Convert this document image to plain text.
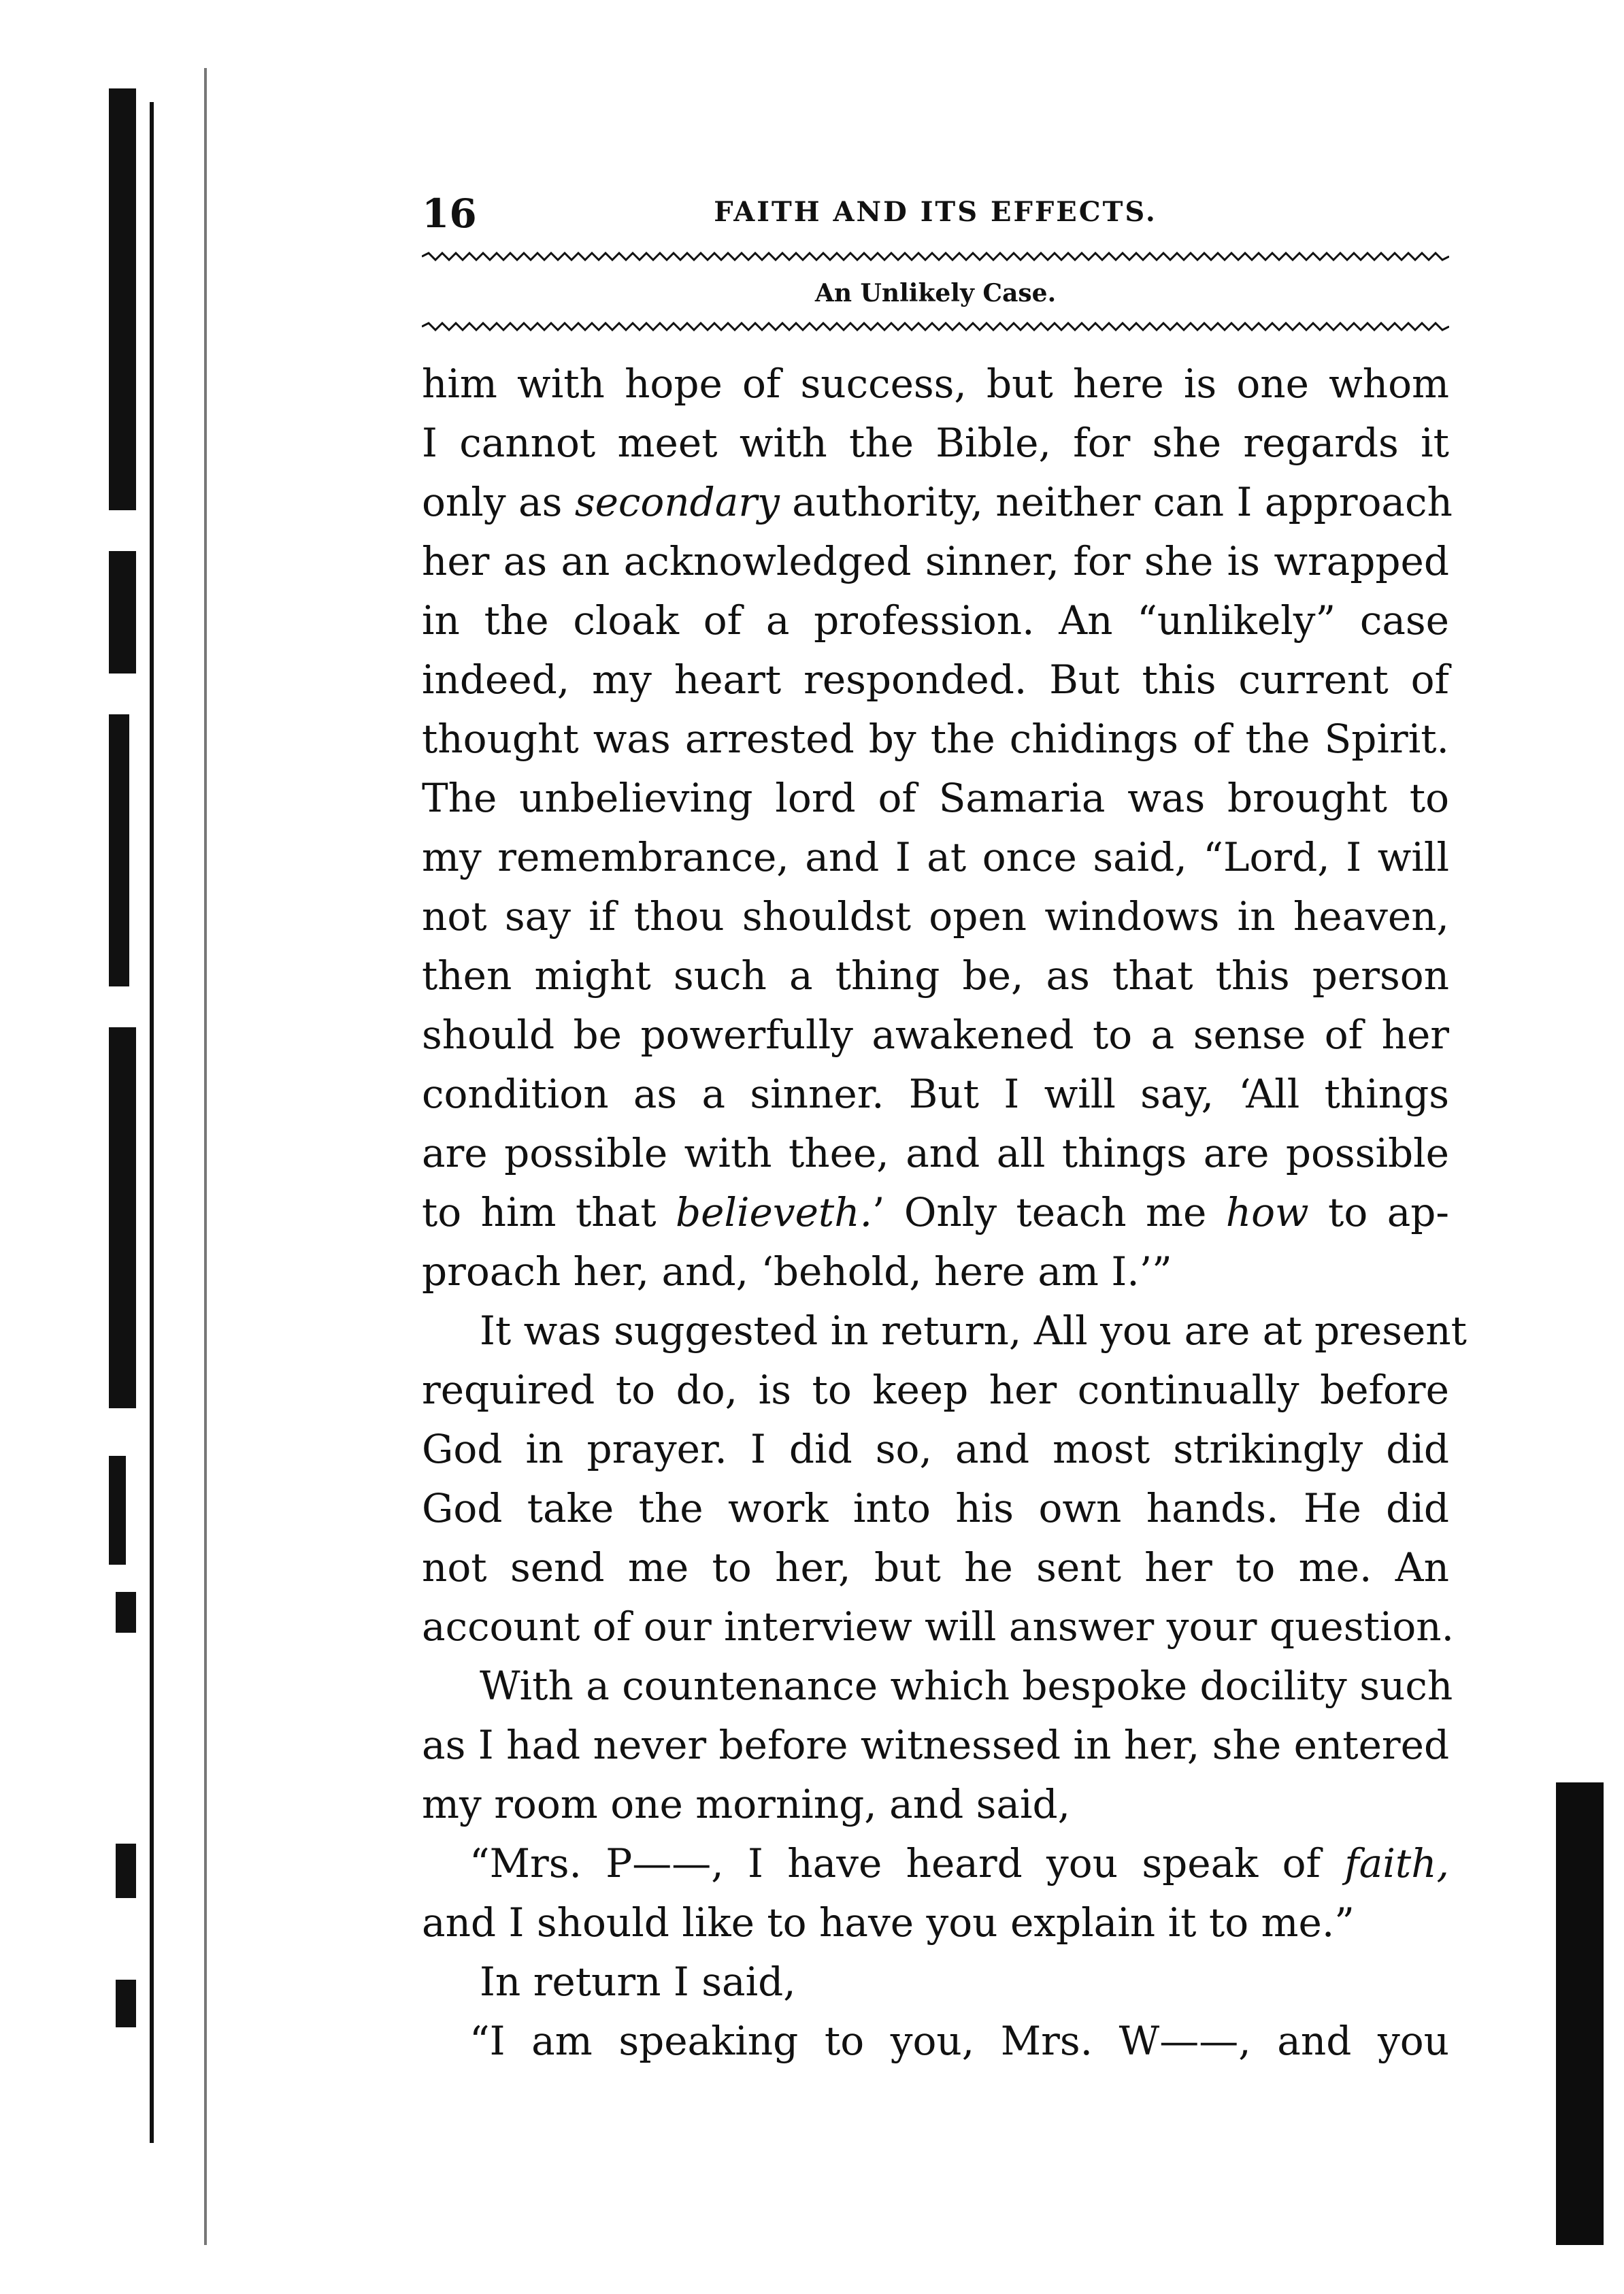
16	FAITH AND ITS EFFECTS.
An Unlikely Case.
him with hope of success, but here is one whom
I cannot meet with the Bible, for she regards it
only as secondary authority, neither can I approach
her as an acknowledged sinner, for she is wrapped
in the cloak of a profession. An “unlikely” case
indeed, my heart responded. But this current of
thought was arrested by the chidings of the Spirit.
The unbelieving lord of Samaria was brought to
my remembrance, and I at once said, “Lord, I will
not say if thou shouldst open windows in heaven,
then might such a thing be, as that this person
should be powerfully awakened to a sense of her
condition as a sinner. But I will say, ‘All things
are possible with thee, and all things are possible
to him that believeth.’ Only teach me how to ap-
proach her, and, ‘behold, here am I.’”
It was suggested in return, All you are at present
required to do, is to keep her continually before
God in prayer. I did so, and most strikingly did
God take the work into his own hands. He did
not send me to her, but he sent her to me. An
account of our interview will answer your question.
With a countenance which bespoke docility such
as I had never before witnessed in her, she entered
my room one morning, and said,
“Mrs. P——, I have heard you speak of faith,
and I should like to have you explain it to me.”
In return I said,
“I am speaking to you, Mrs. W——, and you
